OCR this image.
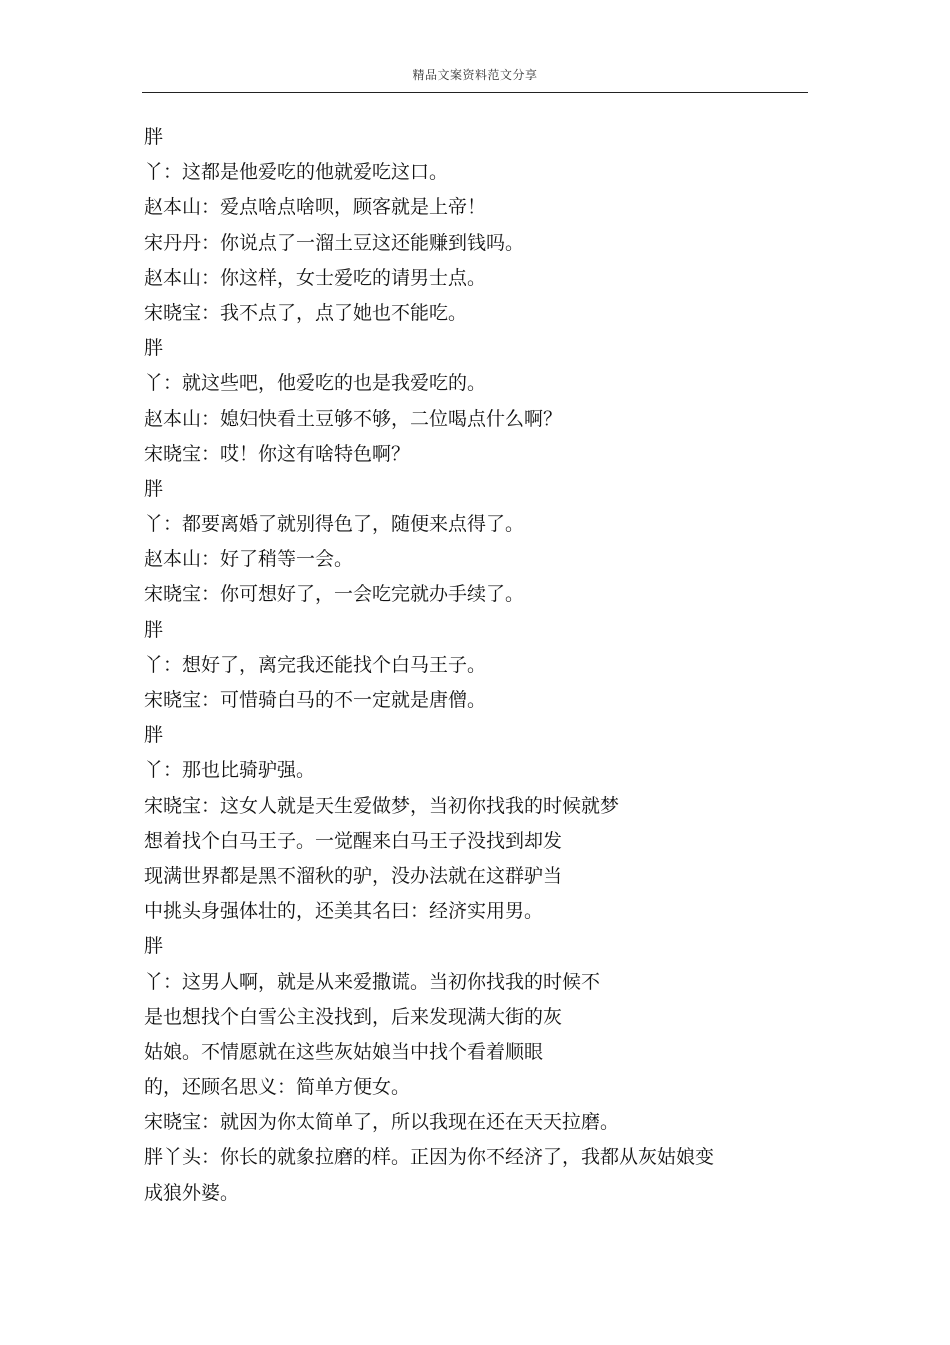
精品文案资料范文分享
胖
丫：这都是他爱吃的他就爱吃这口。
赵本山：爱点啥点啥呗，顾客就是上帝！
宋丹丹：你说点了一溜土豆这还能赚到钱吗。
赵本山：你这样，女士爱吃的请男士点。
宋晓宝：我不点了，点了她也不能吃。
胖
丫：就这些吧，他爱吃的也是我爱吃的。
赵本山：媳妇快看土豆够不够，二位喝点什么啊？
宋晓宝：哎！你这有啥特色啊？
胖
丫：都要离婚了就别得色了，随便来点得了。
赵本山：好了稍等一会。
宋晓宝：你可想好了，一会吃完就办手续了。
胖
丫：想好了，离完我还能找个白马王子。
宋晓宝：可惜骑白马的不一定就是唐僧。
胖
丫：那也比骑驴强。
宋晓宝：这女人就是天生爱做梦，当初你找我的时候就梦
想着找个白马王子。一觉醒来白马王子没找到却发
现满世界都是黑不溜秋的驴，没办法就在这群驴当
中挑头身强体壮的，还美其名曰：经济实用男。
胖
丫：这男人啊，就是从来爱撒谎。当初你找我的时候不
是也想找个白雪公主没找到，后来发现满大街的灰
姑娘。不情愿就在这些灰姑娘当中找个看着顺眼
的，还顾名思义：简单方便女。
宋晓宝：就因为你太简单了，所以我现在还在天天拉磨。
胖丫头：你长的就象拉磨的样。正因为你不经济了，我都从灰姑娘变
成狼外婆。
